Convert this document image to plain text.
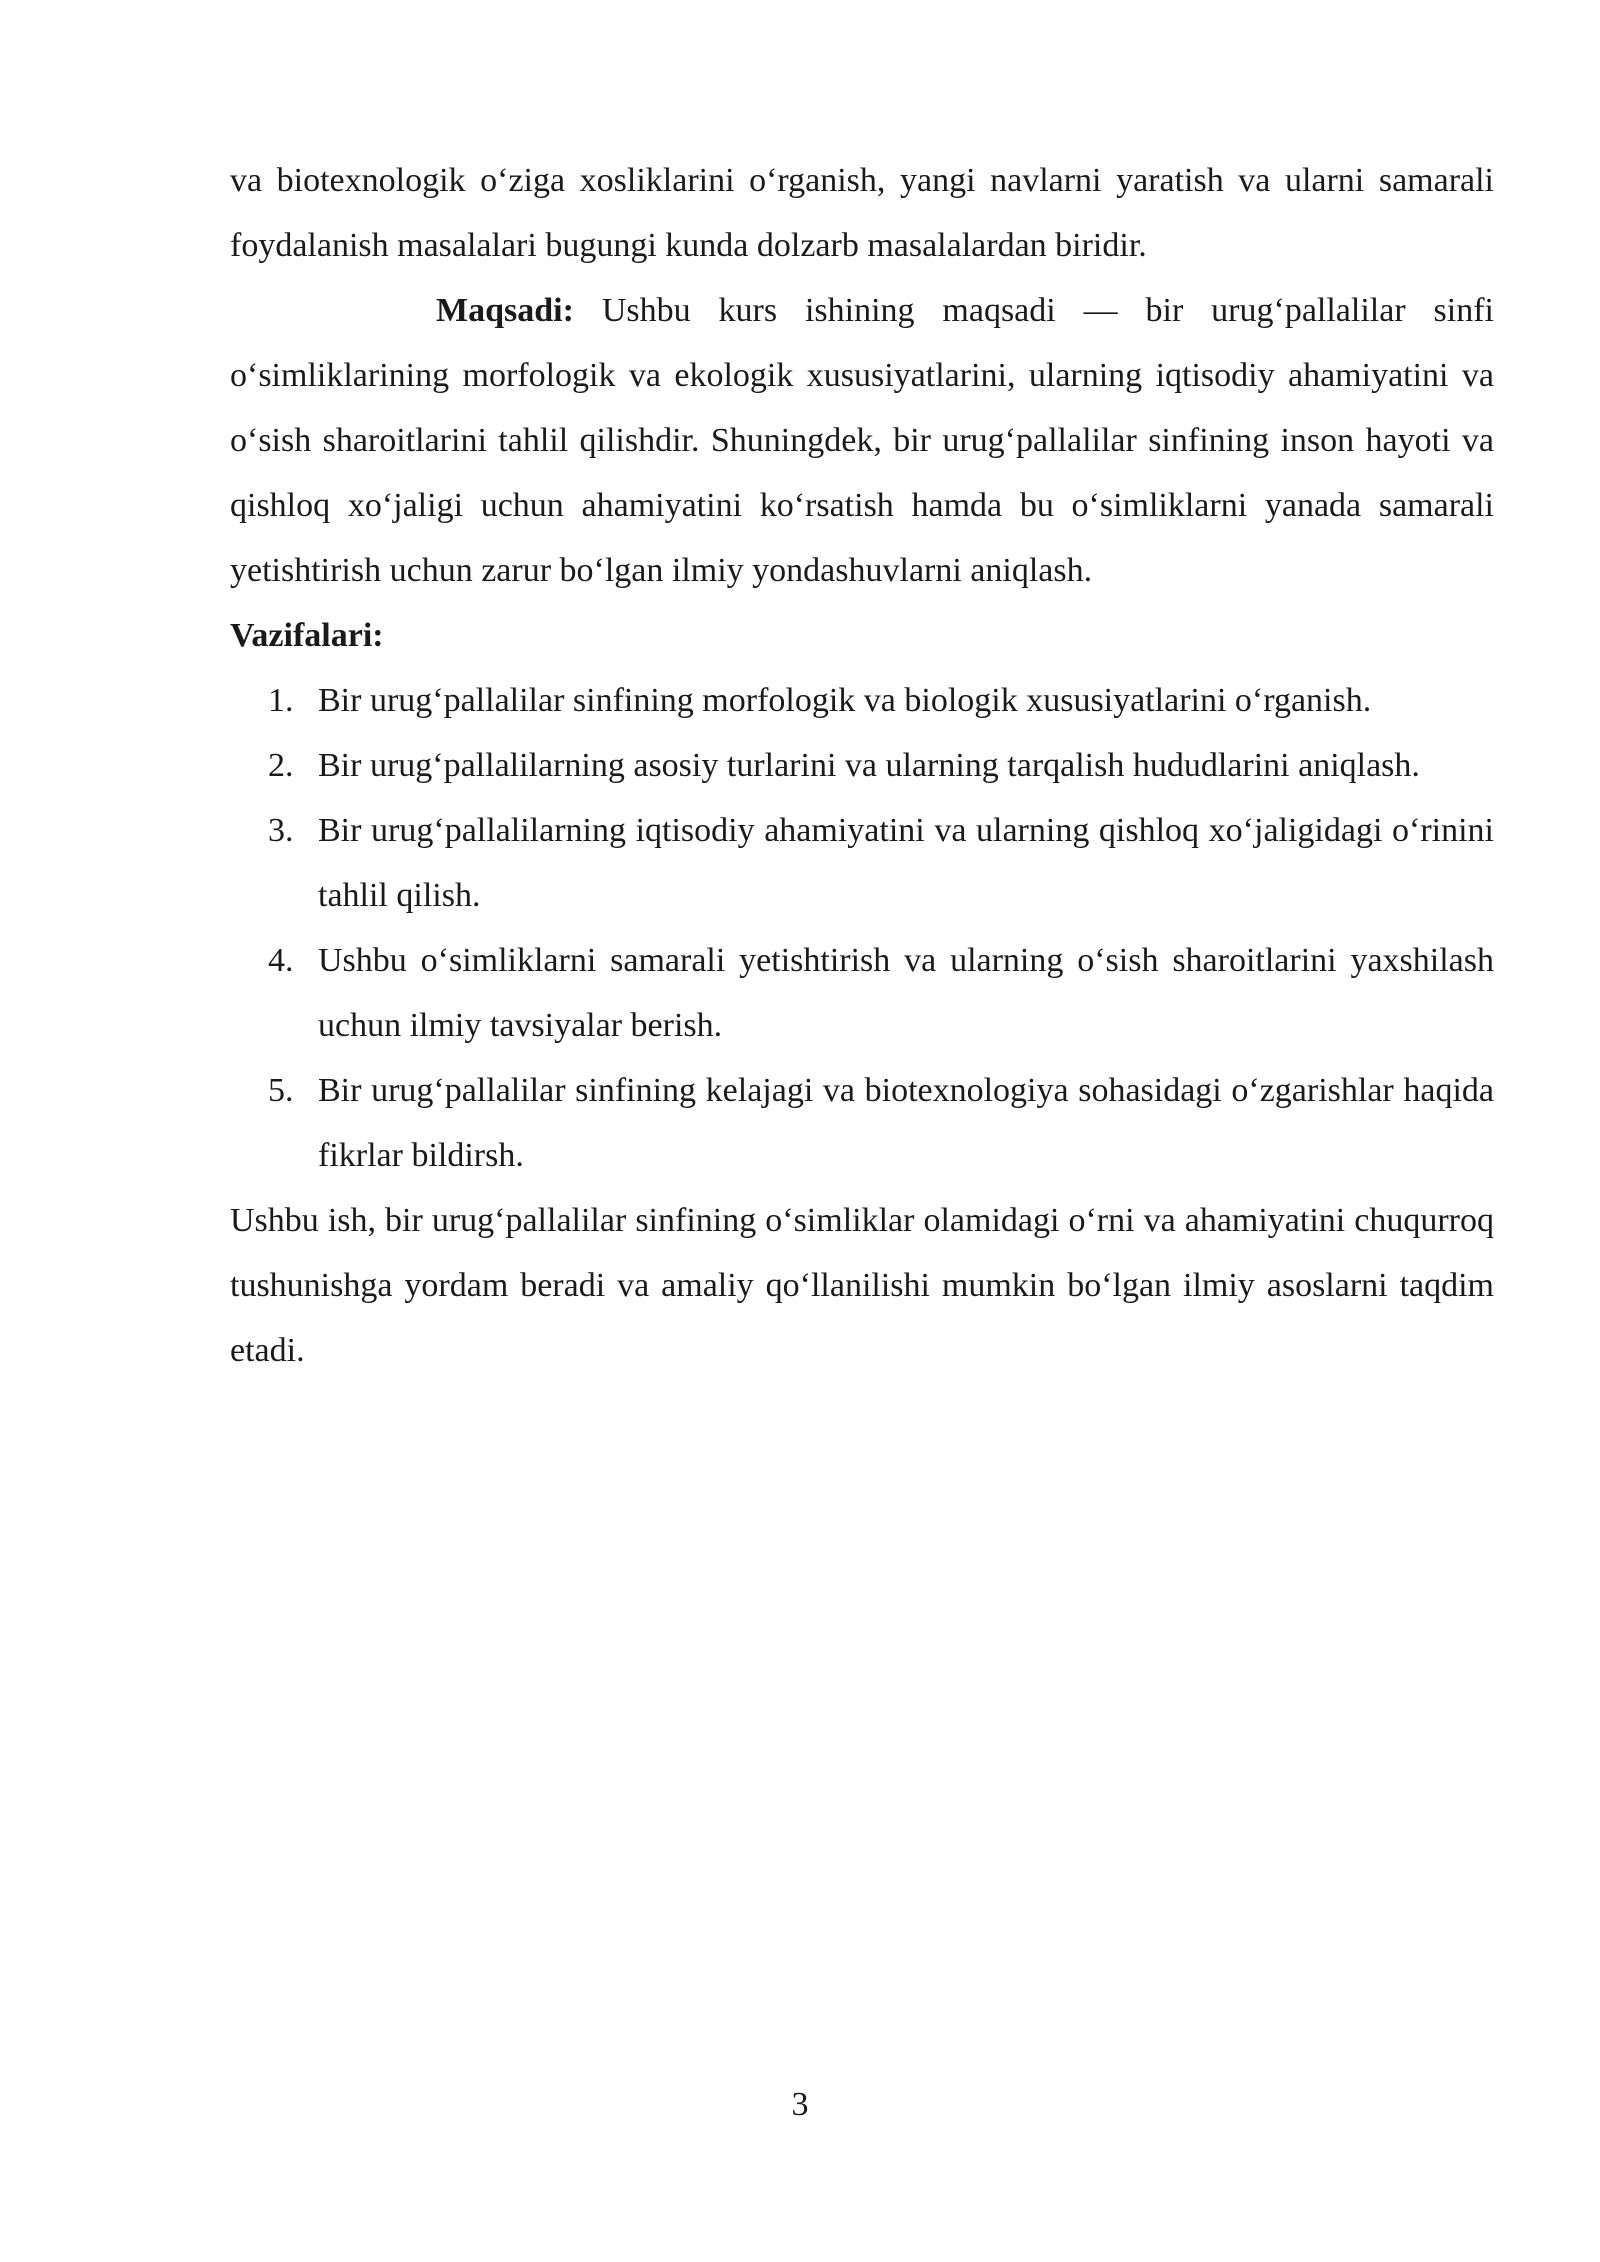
va biotexnologik o‘ziga xosliklarini o‘rganish, yangi navlarni yaratish va ularni samarali foydalanish masalalari bugungi kunda dolzarb masalalardan biridir.

Maqsadi: Ushbu kurs ishining maqsadi — bir urug‘pallalilar sinfi o‘simliklarining morfologik va ekologik xususiyatlarini, ularning iqtisodiy ahamiyatini va o‘sish sharoitlarini tahlil qilishdir. Shuningdek, bir urug‘pallalilar sinfining inson hayoti va qishloq xo‘jaligi uchun ahamiyatini ko‘rsatish hamda bu o‘simliklarni yanada samarali yetishtirish uchun zarur bo‘lgan ilmiy yondashuvlarni aniqlash.

Vazifalari:

1. Bir urug‘pallalilar sinfining morfologik va biologik xususiyatlarini o‘rganish.
2. Bir urug‘pallalilarning asosiy turlarini va ularning tarqalish hududlarini aniqlash.
3. Bir urug‘pallalilarning iqtisodiy ahamiyatini va ularning qishloq xo‘jaligidagi o‘rinini tahlil qilish.
4. Ushbu o‘simliklarni samarali yetishtirish va ularning o‘sish sharoitlarini yaxshilash uchun ilmiy tavsiyalar berish.
5. Bir urug‘pallalilar sinfining kelajagi va biotexnologiya sohasidagi o‘zgarishlar haqida fikrlar bildirsh.

Ushbu ish, bir urug‘pallalilar sinfining o‘simliklar olamidagi o‘rni va ahamiyatini chuqurroq tushunishga yordam beradi va amaliy qo‘llanilishi mumkin bo‘lgan ilmiy asoslarni taqdim etadi.

3
